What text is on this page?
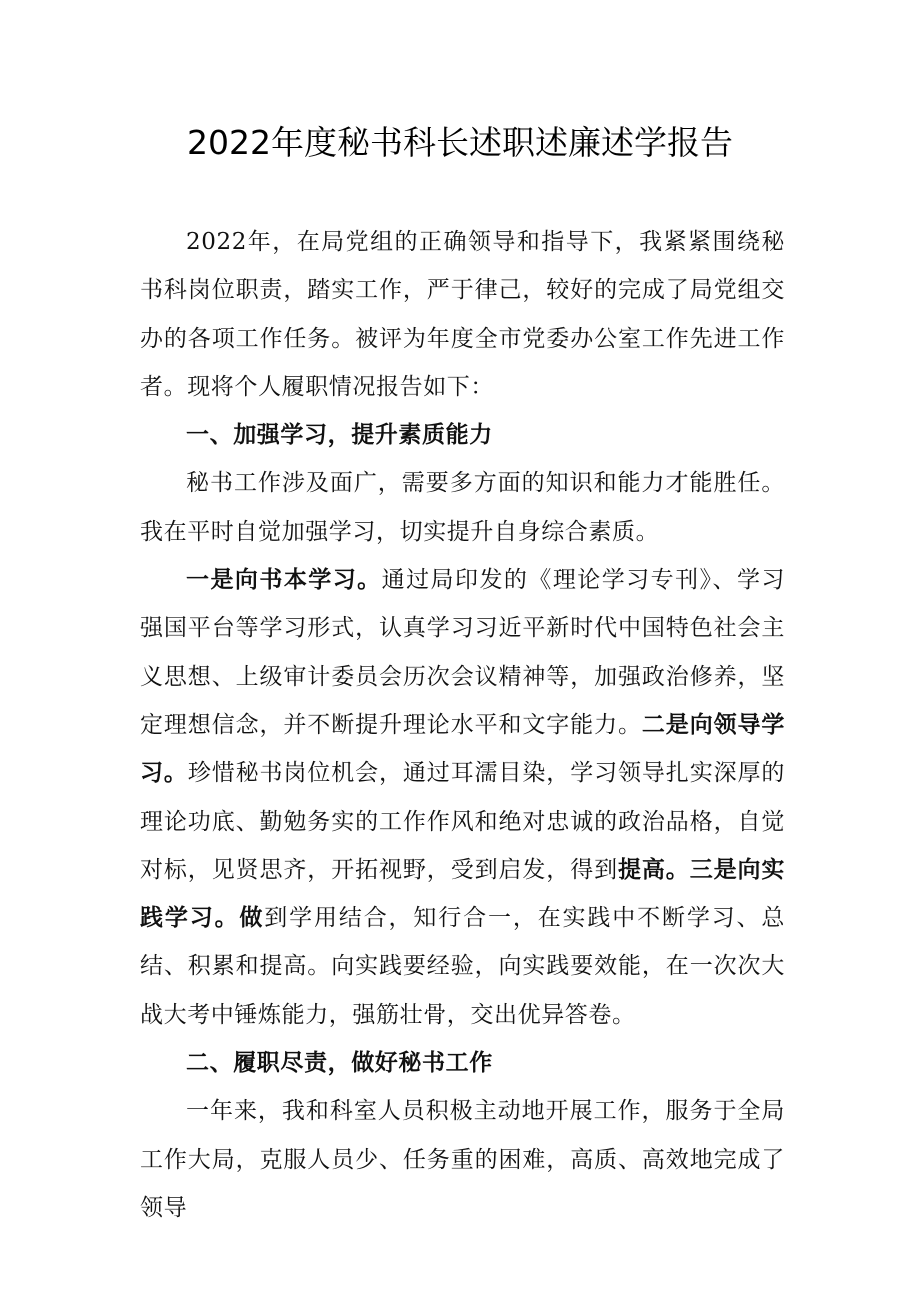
2022年度秘书科长述职述廉述学报告

2022年，在局党组的正确领导和指导下，我紧紧围绕秘书科岗位职责，踏实工作，严于律己，较好的完成了局党组交办的各项工作任务。被评为年度全市党委办公室工作先进工作者。现将个人履职情况报告如下：

一、加强学习，提升素质能力

秘书工作涉及面广，需要多方面的知识和能力才能胜任。我在平时自觉加强学习，切实提升自身综合素质。

一是向书本学习。通过局印发的《理论学习专刊》、学习强国平台等学习形式，认真学习习近平新时代中国特色社会主义思想、上级审计委员会历次会议精神等，加强政治修养，坚定理想信念，并不断提升理论水平和文字能力。二是向领导学习。珍惜秘书岗位机会，通过耳濡目染，学习领导扎实深厚的理论功底、勤勉务实的工作作风和绝对忠诚的政治品格，自觉对标，见贤思齐，开拓视野，受到启发，得到提高。三是向实践学习。做到学用结合，知行合一，在实践中不断学习、总结、积累和提高。向实践要经验，向实践要效能，在一次次大战大考中锤炼能力，强筋壮骨，交出优异答卷。

二、履职尽责，做好秘书工作

一年来，我和科室人员积极主动地开展工作，服务于全局工作大局，克服人员少、任务重的困难，高质、高效地完成了领导
